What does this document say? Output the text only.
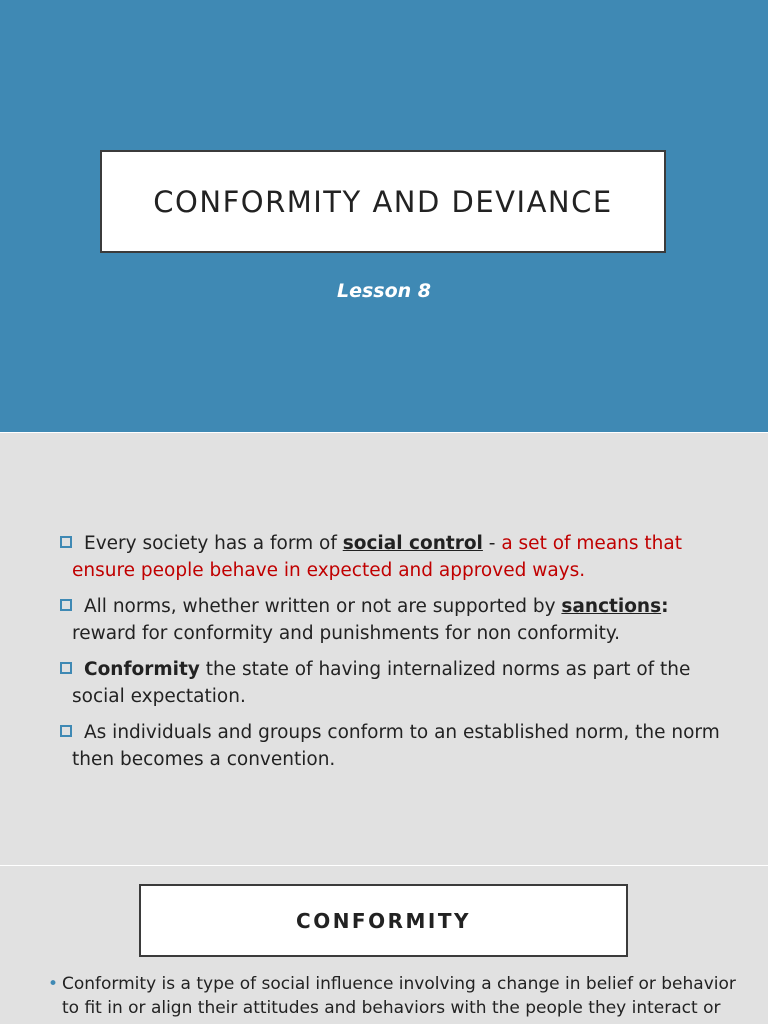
CONFORMITY AND DEVIANCE
Lesson 8
Every society has a form of social control - a set of means that ensure people behave in expected and approved ways.
All norms, whether written or not are supported by sanctions: reward for conformity and punishments for non conformity.
Conformity the state of having internalized norms as part of the social expectation.
As individuals and groups conform to an established norm, the norm then becomes a convention.
CONFORMITY
• Conformity is a type of social influence involving a change in belief or behavior to fit in or align their attitudes and behaviors with the people they interact or
